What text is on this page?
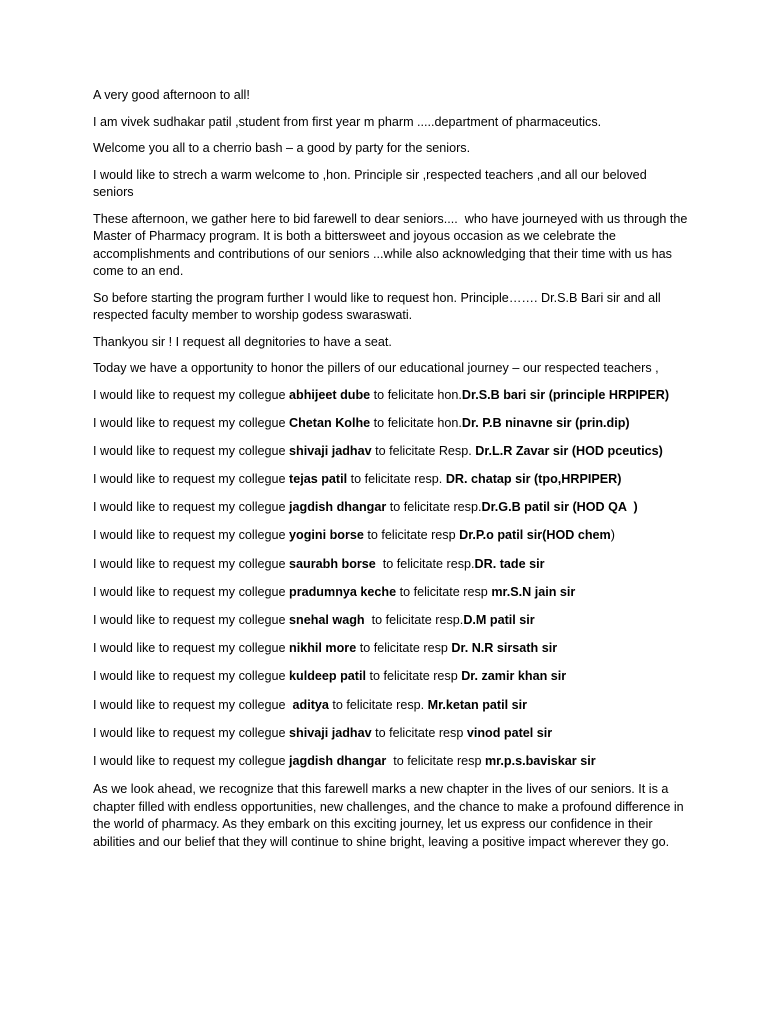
A very good afternoon to all!

I am vivek sudhakar patil ,student from first year m pharm .....department of pharmaceutics.

Welcome you all to a cherrio bash – a good by party for the seniors.

I would like to strech a warm welcome to ,hon. Principle sir ,respected teachers ,and all our beloved seniors

These afternoon, we gather here to bid farewell to dear seniors....  who have journeyed with us through the Master of Pharmacy program. It is both a bittersweet and joyous occasion as we celebrate the accomplishments and contributions of our seniors ...while also acknowledging that their time with us has come to an end.

So before starting the program further I would like to request hon. Principle……. Dr.S.B Bari sir and all respected faculty member to worship godess swaraswati.

Thankyou sir ! I request all degnitories to have a seat.

Today we have a opportunity to honor the pillers of our educational journey – our respected teachers ,

I would like to request my collegue abhijeet dube to felicitate hon.Dr.S.B bari sir (principle HRPIPER)

I would like to request my collegue Chetan Kolhe to felicitate hon.Dr. P.B ninavne sir (prin.dip)

I would like to request my collegue shivaji jadhav to felicitate Resp. Dr.L.R Zavar sir (HOD pceutics)

I would like to request my collegue tejas patil to felicitate resp. DR. chatap sir (tpo,HRPIPER)

I would like to request my collegue jagdish dhangar to felicitate resp.Dr.G.B patil sir (HOD QA  )

I would like to request my collegue yogini borse to felicitate resp Dr.P.o patil sir(HOD chem)

I would like to request my collegue saurabh borse  to felicitate resp.DR. tade sir

I would like to request my collegue pradumnya keche to felicitate resp mr.S.N jain sir

I would like to request my collegue snehal wagh  to felicitate resp.D.M patil sir

I would like to request my collegue nikhil more to felicitate resp Dr. N.R sirsath sir

I would like to request my collegue kuldeep patil to felicitate resp Dr. zamir khan sir

I would like to request my collegue  aditya to felicitate resp. Mr.ketan patil sir

I would like to request my collegue shivaji jadhav to felicitate resp vinod patel sir

I would like to request my collegue jagdish dhangar  to felicitate resp mr.p.s.baviskar sir

As we look ahead, we recognize that this farewell marks a new chapter in the lives of our seniors. It is a chapter filled with endless opportunities, new challenges, and the chance to make a profound difference in the world of pharmacy. As they embark on this exciting journey, let us express our confidence in their abilities and our belief that they will continue to shine bright, leaving a positive impact wherever they go.
